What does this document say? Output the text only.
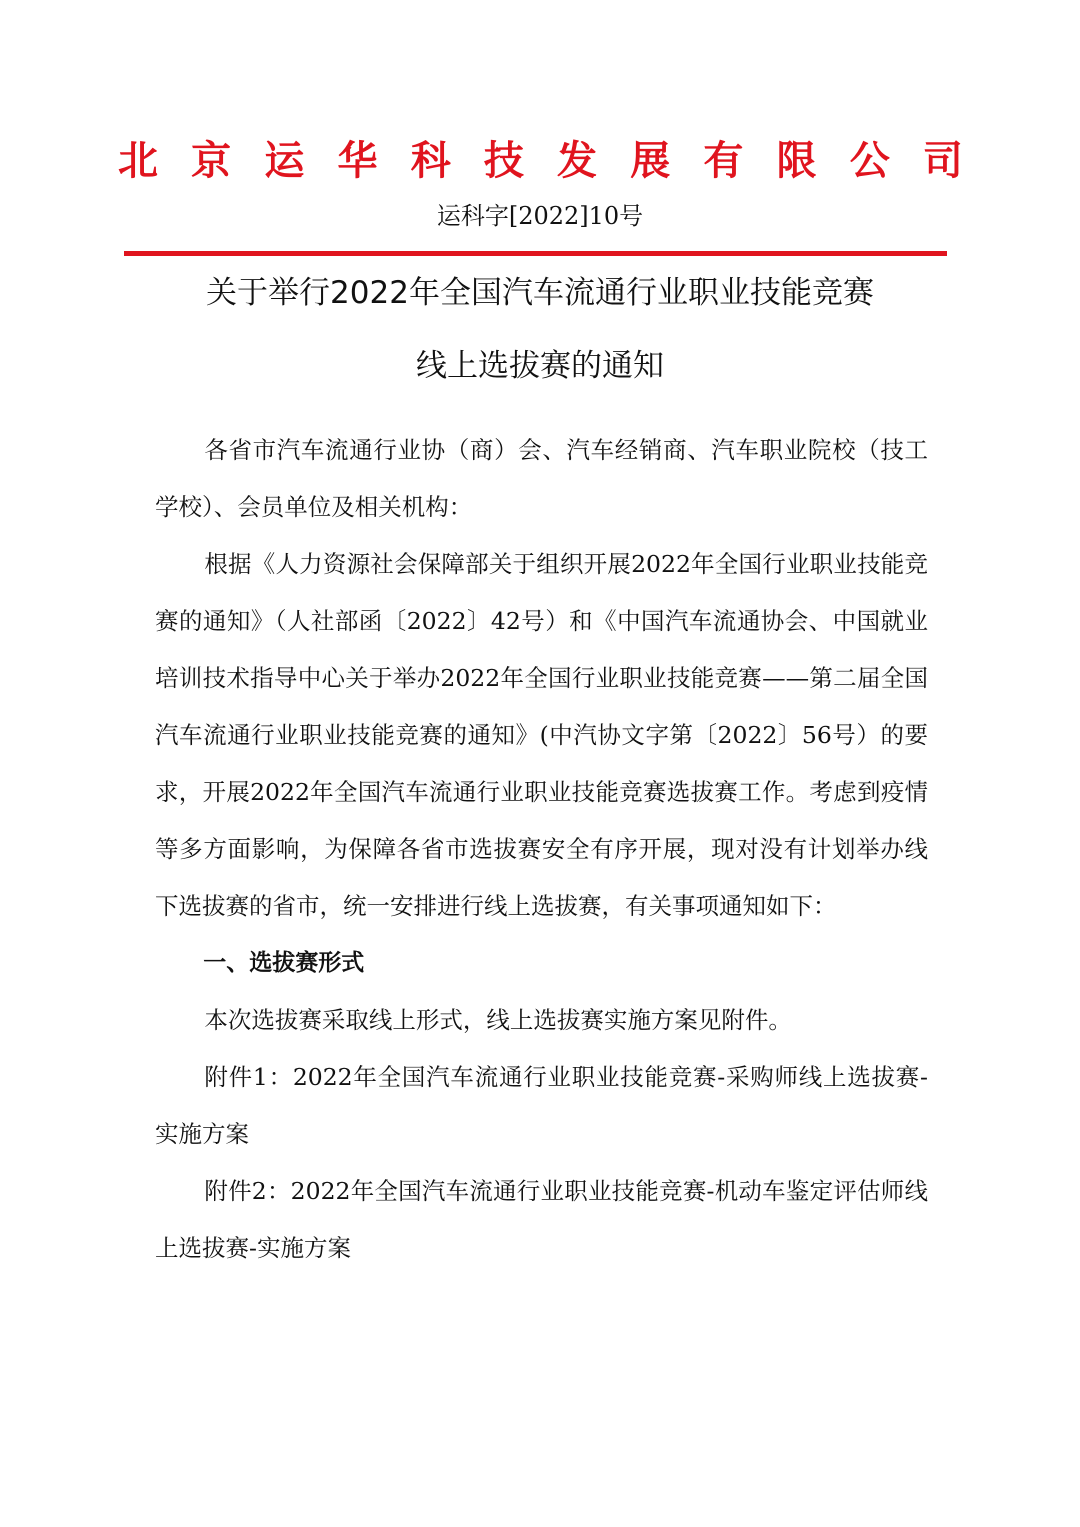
北 京 运 华 科 技 发 展 有 限 公 司
运科字[2022]10号
关于举行2022年全国汽车流通行业职业技能竞赛
线上选拔赛的通知

各省市汽车流通行业协（商）会、汽车经销商、汽车职业院校（技工学校）、会员单位及相关机构：

根据《人力资源社会保障部关于组织开展2022年全国行业职业技能竞赛的通知》（人社部函〔2022〕42号）和《中国汽车流通协会、中国就业培训技术指导中心关于举办2022年全国行业职业技能竞赛——第二届全国汽车流通行业职业技能竞赛的通知》(中汽协文字第〔2022〕56号）的要求，开展2022年全国汽车流通行业职业技能竞赛选拔赛工作。考虑到疫情等多方面影响，为保障各省市选拔赛安全有序开展，现对没有计划举办线下选拔赛的省市，统一安排进行线上选拔赛，有关事项通知如下：

一、选拔赛形式

本次选拔赛采取线上形式，线上选拔赛实施方案见附件。

附件1：2022年全国汽车流通行业职业技能竞赛-采购师线上选拔赛-实施方案

附件2：2022年全国汽车流通行业职业技能竞赛-机动车鉴定评估师线上选拔赛-实施方案
